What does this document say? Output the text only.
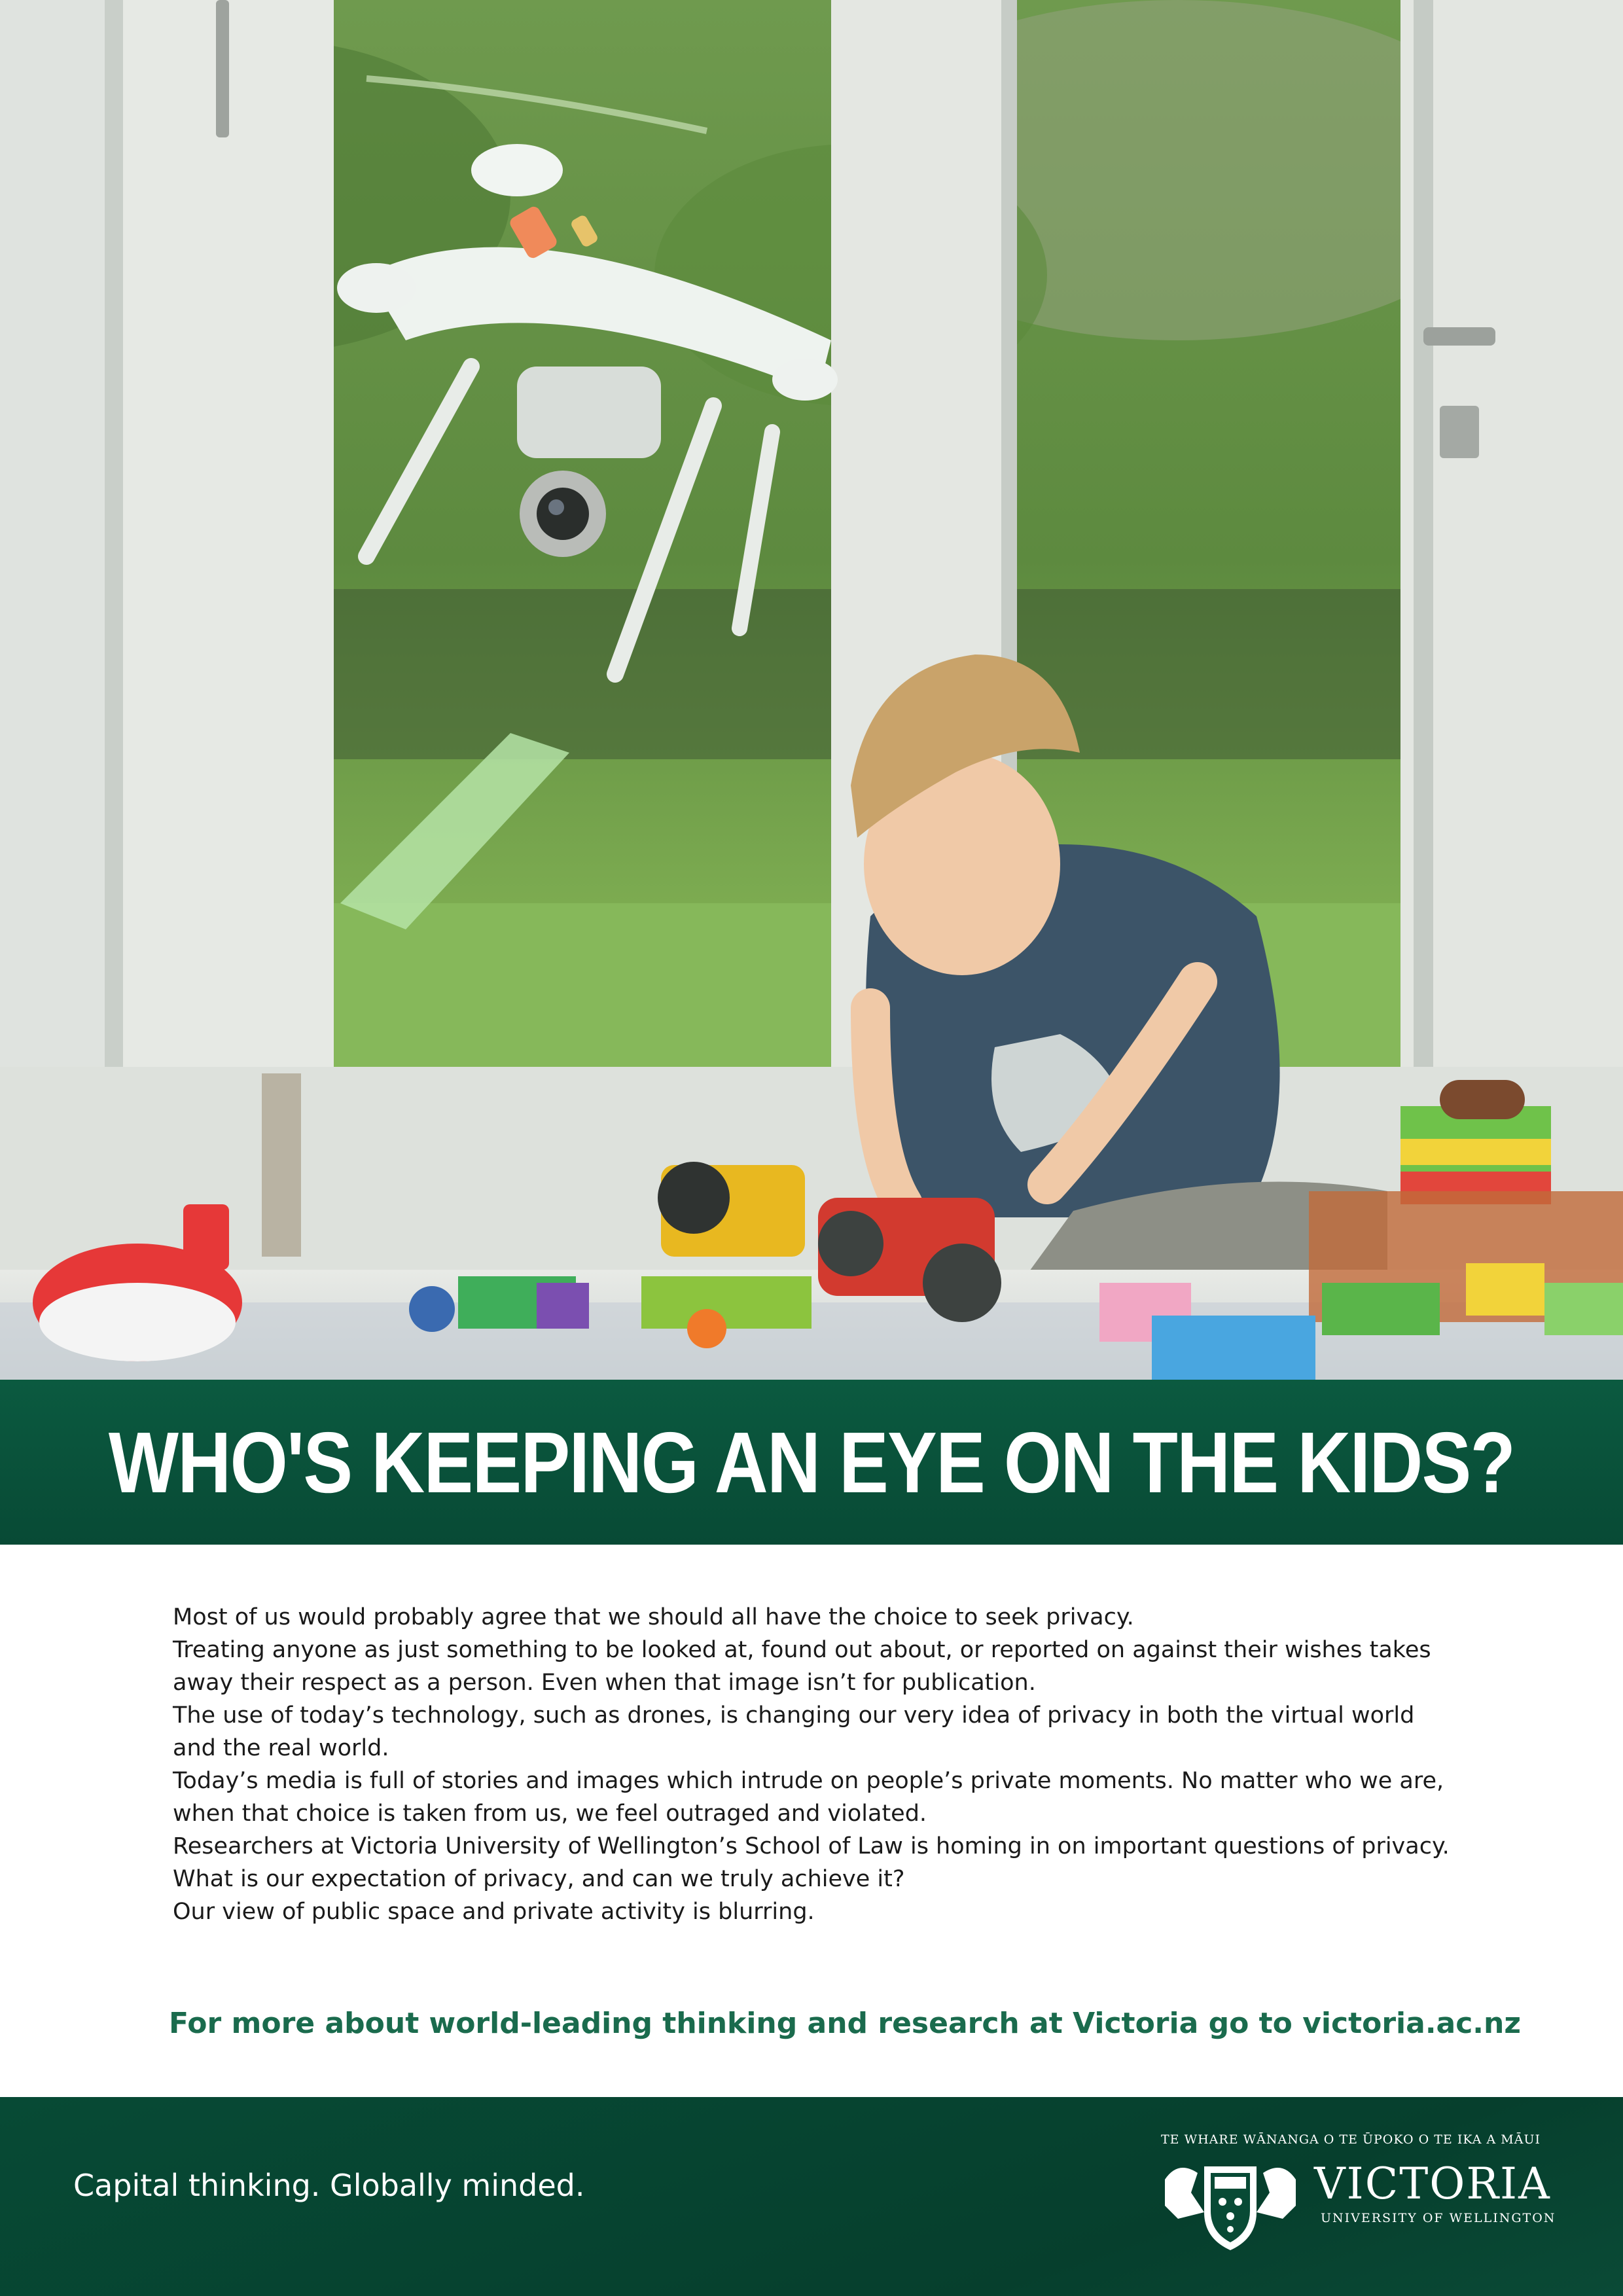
WHO'S KEEPING AN EYE ON THE KIDS?

Most of us would probably agree that we should all have the choice to seek privacy.

Treating anyone as just something to be looked at, found out about, or reported on against their wishes takes away their respect as a person. Even when that image isn’t for publication.

The use of today’s technology, such as drones, is changing our very idea of privacy in both the virtual world and the real world.

Today’s media is full of stories and images which intrude on people’s private moments. No matter who we are, when that choice is taken from us, we feel outraged and violated.

Researchers at Victoria University of Wellington’s School of Law is homing in on important questions of privacy. What is our expectation of privacy, and can we truly achieve it?

Our view of public space and private activity is blurring.

For more about world-leading thinking and research at Victoria go to victoria.ac.nz
Capital thinking. Globally minded.
TE WHARE WĀNANGA O TE ŪPOKO O TE IKA A MĀUI
VICTORIA
UNIVERSITY OF WELLINGTON
